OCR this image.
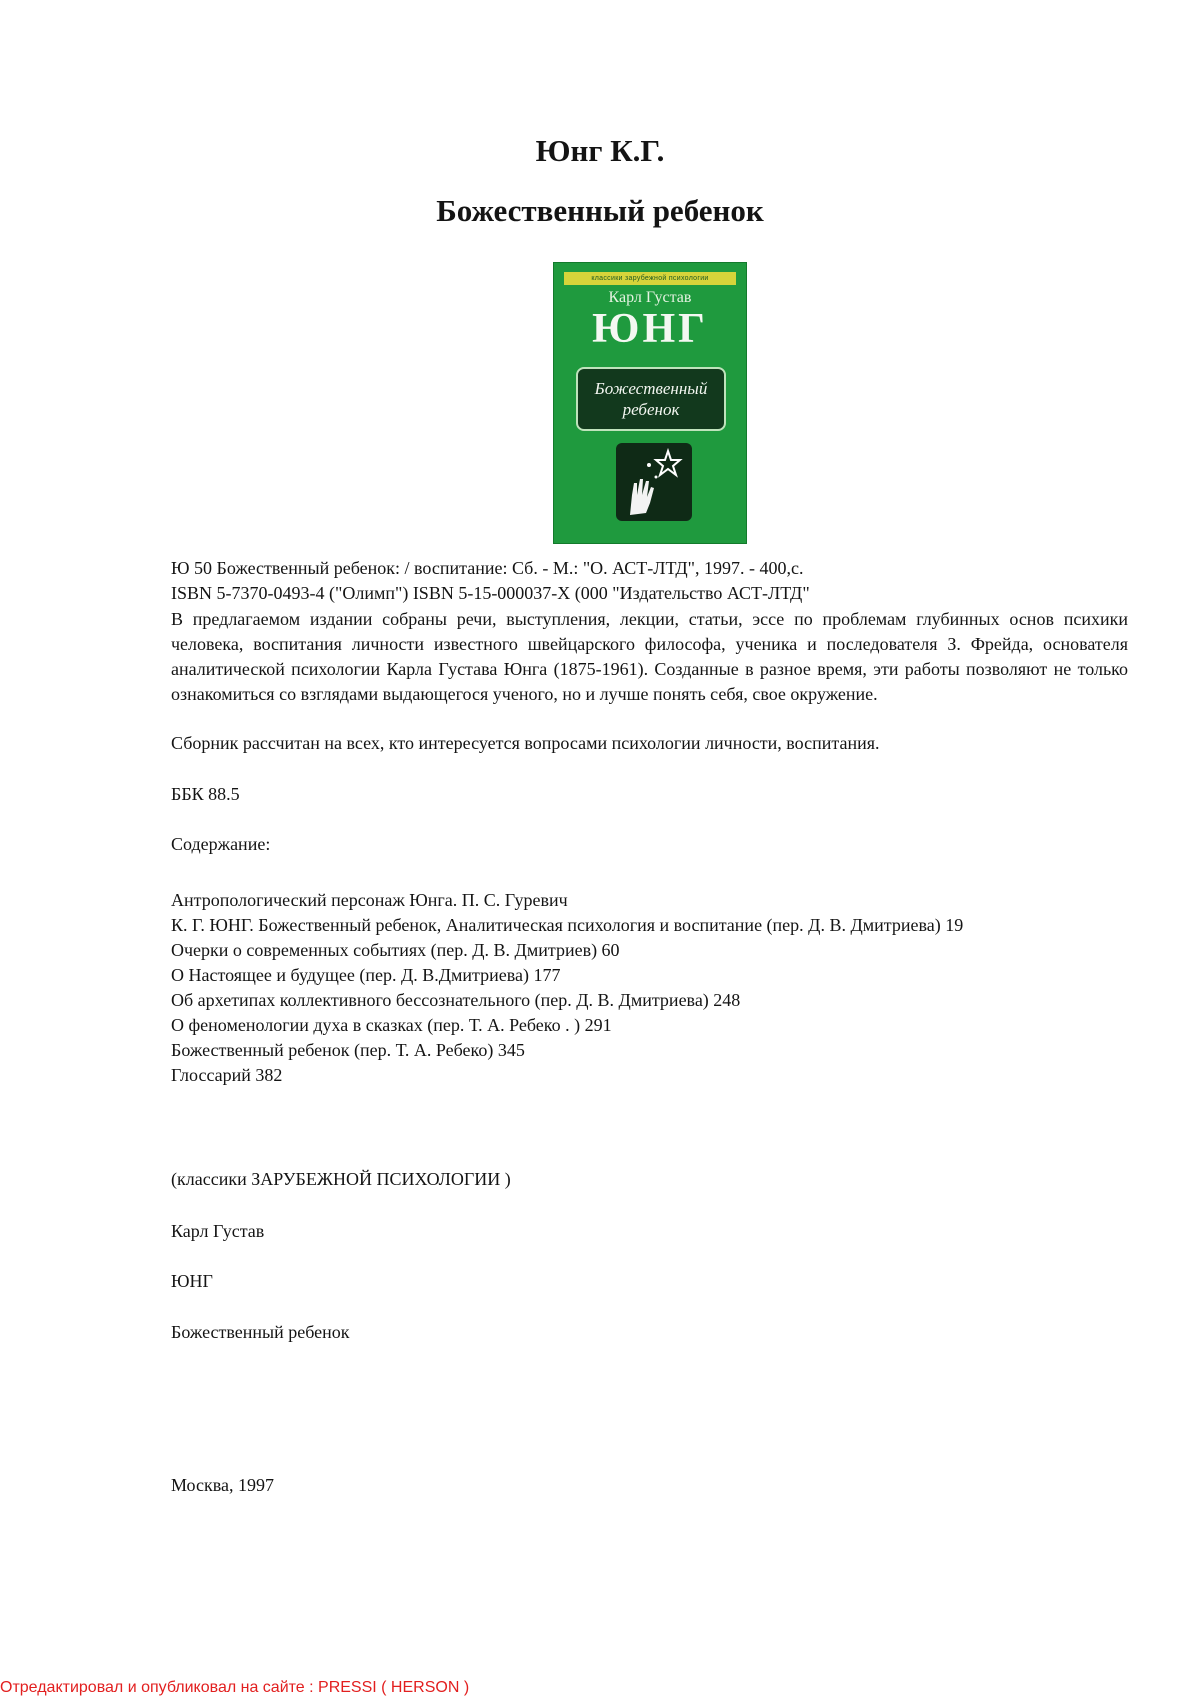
Юнг К.Г.
Божественный ребенок
классики зарубежной психологии
Карл Густав
ЮНГ
Божественный
ребенок
Ю 50 Божественный ребенок: / воспитание: Сб. - М.: "О. АСТ-ЛТД", 1997. - 400,с.
ISBN 5-7370-0493-4 ("Олимп") ISBN 5-15-000037-Х (000 "Издательство АСТ-ЛТД"
В предлагаемом издании собраны речи, выступления, лекции, статьи, эссе по проблемам глубинных основ психики человека, воспитания личности известного швейцарского философа, ученика и последователя З. Фрейда, основателя аналитической психологии Карла Густава Юнга (1875-1961). Созданные в разное время, эти работы позволяют не только ознакомиться со взглядами выдающегося ученого, но и лучше понять себя, свое окружение.
Сборник рассчитан на всех, кто интересуется вопросами психологии личности, воспитания.
ББК 88.5
Содержание:
Антропологический персонаж Юнга. П. С. Гуревич
К. Г. ЮНГ. Божественный ребенок, Аналитическая психология и воспитание (пер. Д. В. Дмитриева) 19
Очерки о современных событиях (пер. Д. В. Дмитриев) 60
О Настоящее и будущее (пер. Д. В.Дмитриева) 177
Об архетипах коллективного бессознательного (пер. Д. В. Дмитриева) 248
О феноменологии духа в сказках (пер. Т. А. Ребеко . ) 291
Божественный ребенок (пер. Т. А. Ребеко) 345
Глоссарий 382
(классики ЗАРУБЕЖНОЙ ПСИХОЛОГИИ )
Карл Густав
ЮНГ
Божественный ребенок
Москва, 1997
Отредактировал и опубликовал на сайте : PRESSI ( HERSON )
